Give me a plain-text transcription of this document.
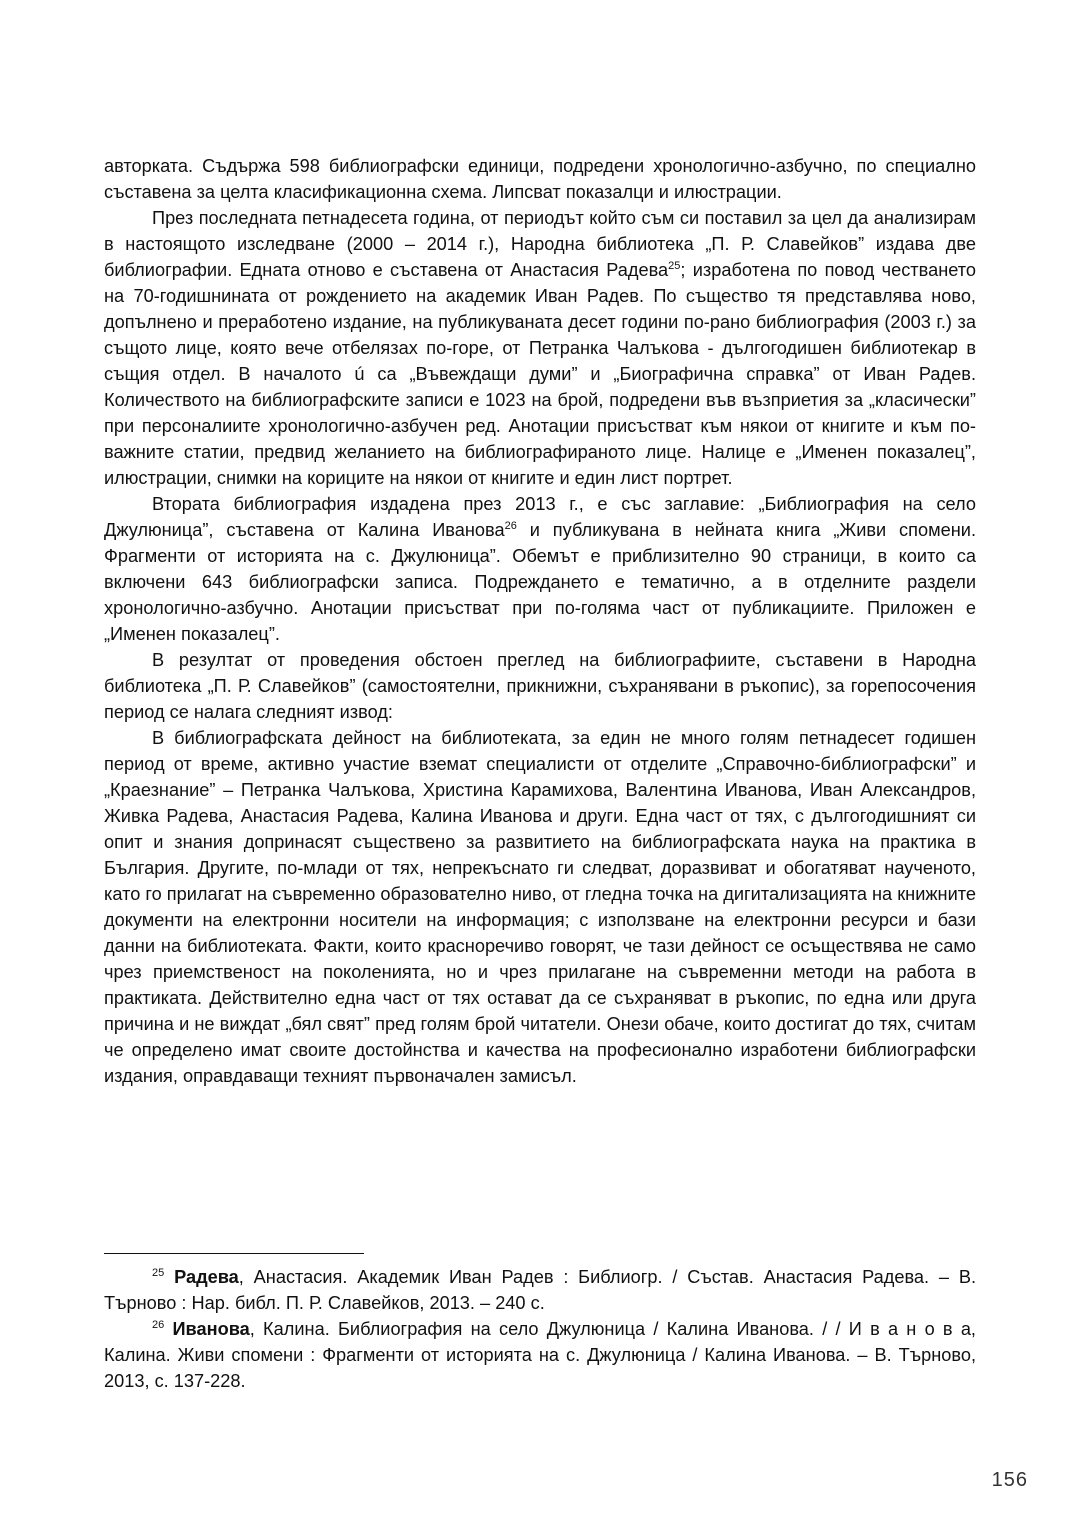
авторката. Съдържа 598 библиографски единици, подредени хронологично-азбучно, по специално съставена за целта класификационна схема. Липсват показалци и илюстрации.

През последната петнадесета година, от периодът който съм си поставил за цел да анализирам в настоящото изследване (2000 – 2014 г.), Народна библиотека „П. Р. Славейков” издава две библиографии. Едната отново е съставена от Анастасия Радева$^{25}$; изработена по повод честването на 70-годишнината от рождението на академик Иван Радев. По същество тя представлява ново, допълнено и преработено издание, на публикуваната десет години по-рано библиография (2003 г.) за същото лице, която вече отбелязах по-горе, от Петранка Чалъкова - дългогодишен библиотекар в същия отдел. В началото ú са „Въвеждащи думи” и „Биографична справка” от Иван Радев. Количеството на библиографските записи е 1023 на брой, подредени във възприетия за „класически” при персоналиите хронологично-азбучен ред. Анотации присъстват към някои от книгите и към по-важните статии, предвид желанието на библиографираното лице. Налице е „Именен показалец”, илюстрации, снимки на кориците на някои от книгите и един лист портрет.

Втората библиография издадена през 2013 г., е със заглавие: „Библиография на село Джулюница”, съставена от Калина Иванова$^{26}$ и публикувана в нейната книга „Живи спомени. Фрагменти от историята на с. Джулюница”. Обемът е приблизително 90 страници, в които са включени 643 библиографски записа. Подреждането е тематично, а в отделните раздели хронологично-азбучно. Анотации присъстват при по-голяма част от публикациите. Приложен е „Именен показалец”.

В резултат от проведения обстоен преглед на библиографиите, съставени в Народна библиотека „П. Р. Славейков” (самостоятелни, прикнижни, съхранявани в ръкопис), за горепосочения период се налага следният извод:

В библиографската дейност на библиотеката, за един не много голям петнадесет годишен период от време, активно участие вземат специалисти от отделите „Справочно-библиографски” и „Краезнание” – Петранка Чалъкова, Христина Карамихова, Валентина Иванова, Иван Александров, Живка Радева, Анастасия Радева, Калина Иванова и други. Една част от тях, с дългогодишният си опит и знания допринасят съществено за развитието на библиографската наука на практика в България. Другите, по-млади от тях, непрекъснато ги следват, доразвиват и обогатяват наученото, като го прилагат на съвременно образователно ниво, от гледна точка на дигитализацията на книжните документи на електронни носители на информация; с използване на електронни ресурси и бази данни на библиотеката. Факти, които красноречиво говорят, че тази дейност се осъществява не само чрез приемственост на поколенията, но и чрез прилагане на съвременни методи на работа в практиката. Действително една част от тях остават да се съхраняват в ръкопис, по една или друга причина и не виждат „бял свят” пред голям брой читатели. Онези обаче, които достигат до тях, считам че определено имат своите достойнства и качества на професионално изработени библиографски издания, оправдаващи техният първоначален замисъл.

$^{25}$ Радева, Анастасия. Академик Иван Радев : Библиогр. / Състав. Анастасия Радева. – В. Търново : Нар. библ. П. Р. Славейков, 2013. – 240 с.

$^{26}$ Иванова, Калина. Библиография на село Джулюница / Калина Иванова. / / И в а н о в а, Калина. Живи спомени : Фрагменти от историята на с. Джулюница / Калина Иванова. – В. Търново, 2013, с. 137-228.

156
